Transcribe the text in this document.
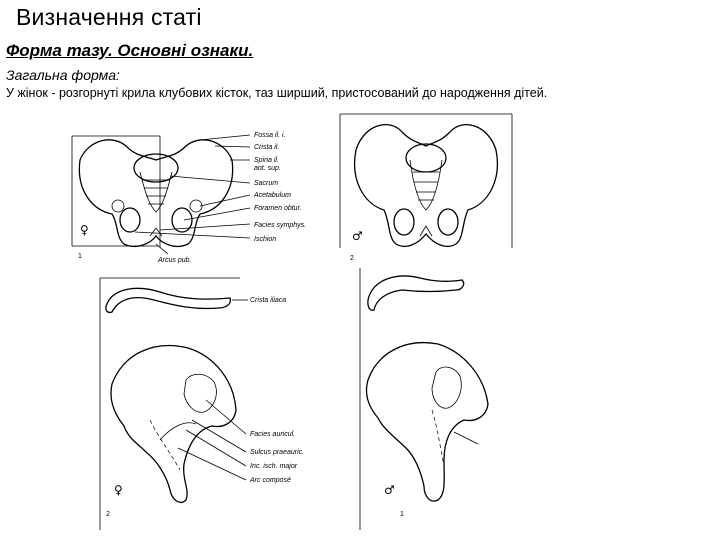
Визначення статі
Форма тазу. Основні ознаки.
Загальна форма:
У жінок - розгорнуті крила клубових кісток, таз ширший, пристосований до народження дітей.
Fossa il. i.
Crista il.
Spina il.
ant. sup.
Sacrum
Acetabulum
Foramen obtur.
Facies symphys.
Ischion
Arcus pub.
♀
1
♂
2
Crista iliaca
Facies auricul.
Sulcus praeauric.
Inc. isch. major
Arc composé
♀
2
♂
1
